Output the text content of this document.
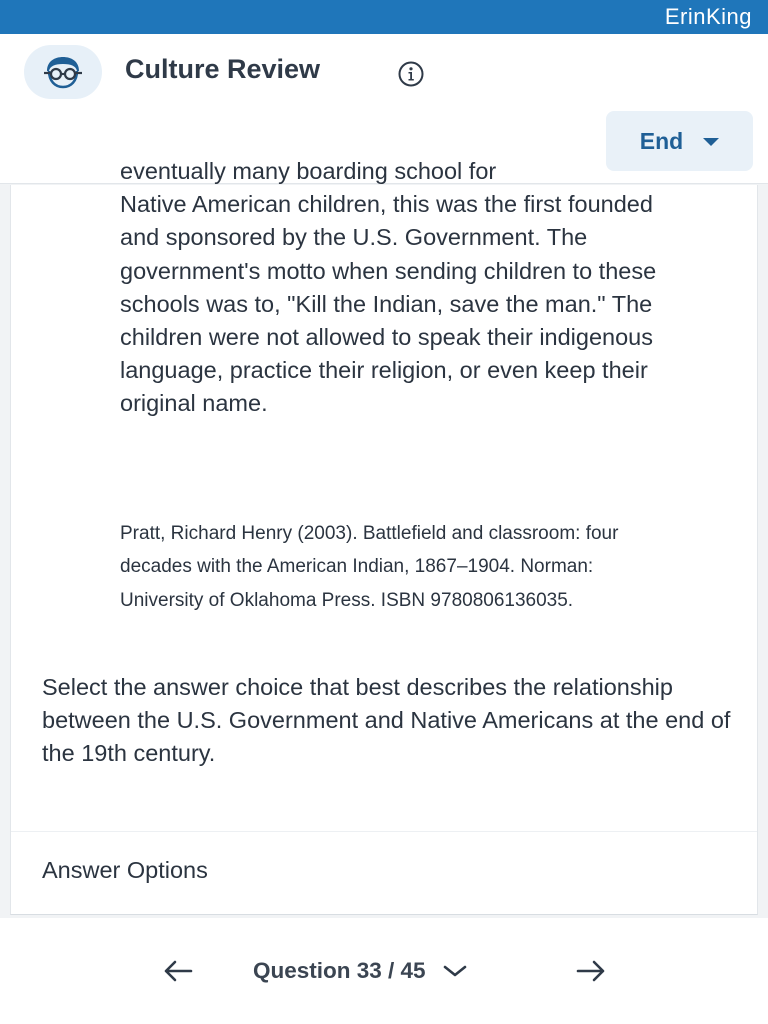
ErinKing
Culture Review
End
eventually many boarding school for
Native American children, this was the first founded and sponsored by the U.S. Government. The government's motto when sending children to these schools was to, "Kill the Indian, save the man." The children were not allowed to speak their indigenous language, practice their religion, or even keep their original name.
Pratt, Richard Henry (2003). Battlefield and classroom: four decades with the American Indian, 1867–1904. Norman: University of Oklahoma Press. ISBN 9780806136035.
Select the answer choice that best describes the relationship between the U.S. Government and Native Americans at the end of the 19th century.
Answer Options
Question 33 / 45
